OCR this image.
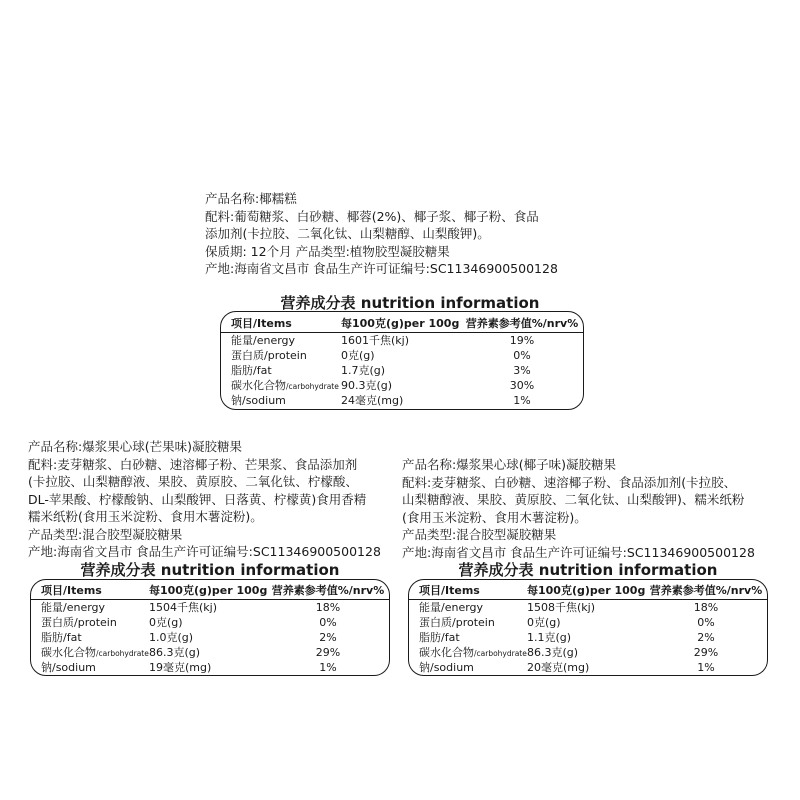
产品名称:椰糯糕
配料:葡萄糖浆、白砂糖、椰蓉(2%)、椰子浆、椰子粉、食品
添加剂(卡拉胶、二氧化钛、山梨糖醇、山梨酸钾)。
保质期: 12个月 产品类型:植物胶型凝胶糖果
产地:海南省文昌市 食品生产许可证编号:SC11346900500128
营养成分表 nutrition information
项目/Items	每100克(g)per 100g 营养素参考值%/nrv%
能量/energy	1601千焦(kj)	19%
蛋白质/protein	0克(g)	0%
脂肪/fat	1.7克(g)	3%
碳水化合物/carbohydrate 90.3克(g)	30%
钠/sodium	24毫克(mg)	1%
产品名称:爆浆果心球(芒果味)凝胶糖果
配料:麦芽糖浆、白砂糖、速溶椰子粉、芒果浆、食品添加剂
(卡拉胶、山梨糖醇液、果胶、黄原胶、二氧化钛、柠檬酸、
DL-苹果酸、柠檬酸钠、山梨酸钾、日落黄、柠檬黄)食用香精
糯米纸粉(食用玉米淀粉、食用木薯淀粉)。
产品类型:混合胶型凝胶糖果
产地:海南省文昌市 食品生产许可证编号:SC11346900500128
营养成分表 nutrition information
项目/Items	每100克(g)per 100g 营养素参考值%/nrv%
能量/energy	1504千焦(kj)	18%
蛋白质/protein	0克(g)	0%
脂肪/fat	1.0克(g)	2%
碳水化合物/carbohydrate 86.3克(g)	29%
钠/sodium	19毫克(mg)	1%
产品名称:爆浆果心球(椰子味)凝胶糖果
配料:麦芽糖浆、白砂糖、速溶椰子粉、食品添加剂(卡拉胶、
山梨糖醇液、果胶、黄原胶、二氧化钛、山梨酸钾)、糯米纸粉
(食用玉米淀粉、食用木薯淀粉)。
产品类型:混合胶型凝胶糖果
产地:海南省文昌市 食品生产许可证编号:SC11346900500128
营养成分表 nutrition information
项目/Items	每100克(g)per 100g 营养素参考值%/nrv%
能量/energy	1508千焦(kj)	18%
蛋白质/protein	0克(g)	0%
脂肪/fat	1.1克(g)	2%
碳水化合物/carbohydrate 86.3克(g)	29%
钠/sodium	20毫克(mg)	1%
